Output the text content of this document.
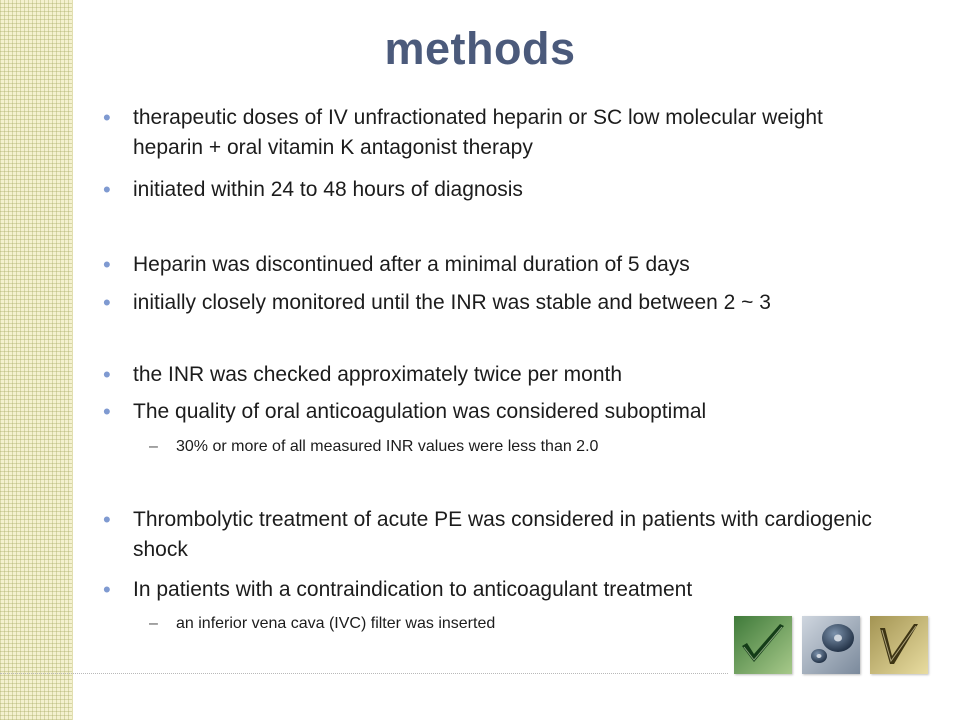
methods
•	therapeutic doses of IV unfractionated heparin or SC low molecular weight heparin + oral vitamin K antagonist therapy
•	initiated within 24 to 48 hours of diagnosis
•	Heparin was discontinued after a minimal duration of 5 days
•	initially closely monitored until the INR was stable and between 2 ~ 3
•	the INR was checked approximately twice per month
•	The quality of oral anticoagulation was considered suboptimal
–	30% or more of all measured INR values were less than 2.0
•	Thrombolytic treatment of acute PE was considered in patients with cardiogenic shock
•	In patients with a contraindication to anticoagulant treatment
–	an inferior vena cava (IVC) filter was inserted
